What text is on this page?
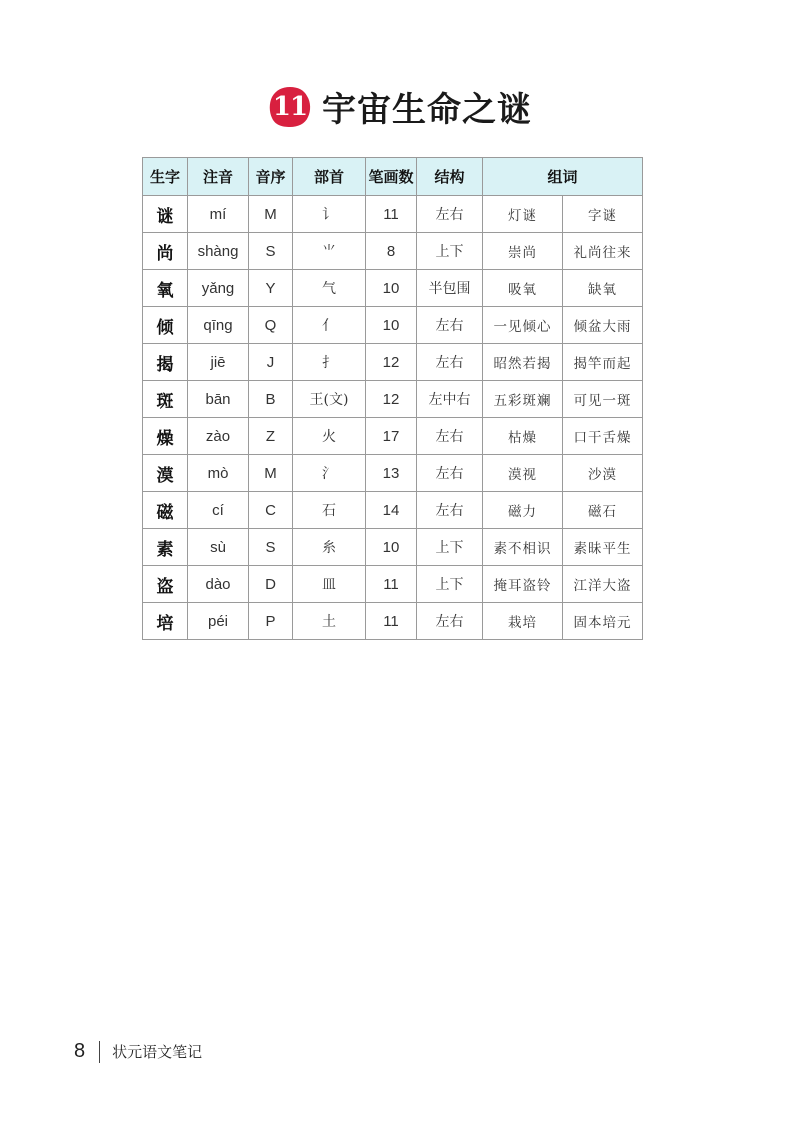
11 宇宙生命之谜
生字	注音	音序	部首	笔画数	结构	组词	
谜	mí	M	讠	11	左右	灯谜	字谜
尚	shàng	S	⺌	8	上下	崇尚	礼尚往来
氧	yǎng	Y	气	10	半包围	吸氧	缺氧
倾	qīng	Q	亻	10	左右	一见倾心	倾盆大雨
揭	jiē	J	扌	12	左右	昭然若揭	揭竿而起
斑	bān	B	王(文)	12	左中右	五彩斑斓	可见一斑
燥	zào	Z	火	17	左右	枯燥	口干舌燥
漠	mò	M	氵	13	左右	漠视	沙漠
磁	cí	C	石	14	左右	磁力	磁石
素	sù	S	糸	10	上下	素不相识	素昧平生
盗	dào	D	皿	11	上下	掩耳盗铃	江洋大盗
培	péi	P	土	11	左右	栽培	固本培元
8 状元语文笔记
